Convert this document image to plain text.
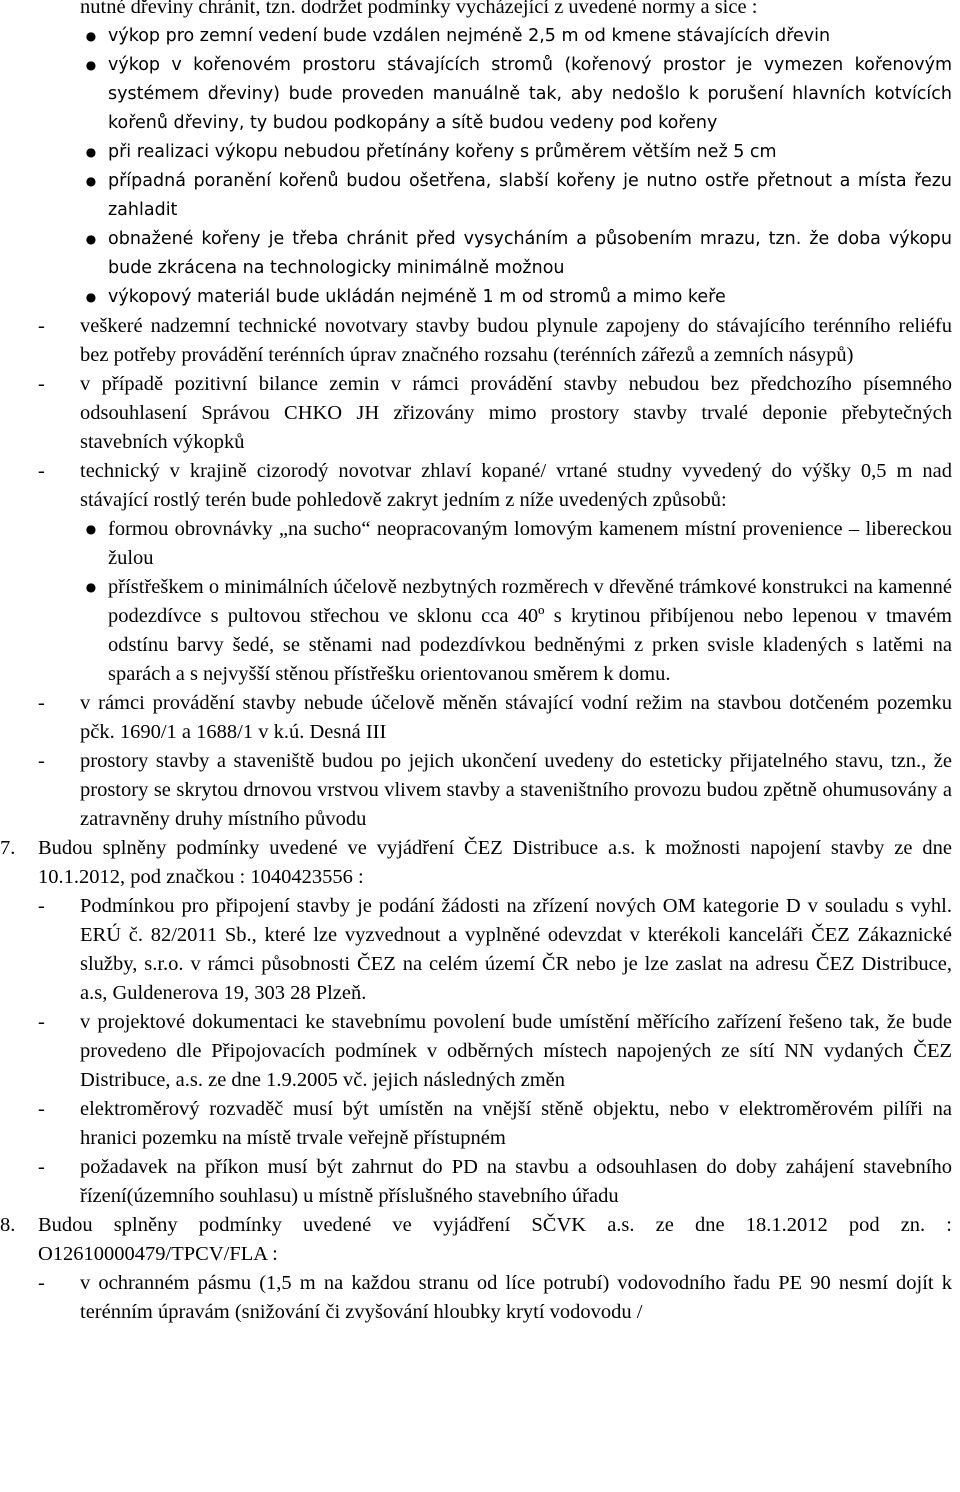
nutné dřeviny chránit, tzn. dodržet podmínky vycházející z uvedené normy a sice :

● výkop pro zemní vedení bude vzdálen nejméně 2,5 m od kmene stávajících dřevin
● výkop v kořenovém prostoru stávajících stromů (kořenový prostor je vymezen kořenovým systémem dřeviny) bude proveden manuálně tak, aby nedošlo k porušení hlavních kotvících kořenů dřeviny, ty budou podkopány a sítě budou vedeny pod kořeny
● při realizaci výkopu nebudou přetínány kořeny s průměrem větším než 5 cm
● případná poranění kořenů budou ošetřena, slabší kořeny je nutno ostře přetnout a místa řezu zahladit
● obnažené kořeny je třeba chránit před vysycháním a působením mrazu, tzn. že doba výkopu bude zkrácena na technologicky minimálně možnou
● výkopový materiál bude ukládán nejméně 1 m od stromů a mimo keře
- veškeré nadzemní technické novotvary stavby budou plynule zapojeny do stávajícího terénního reliéfu bez potřeby provádění terénních úprav značného rozsahu (terénních zářezů a zemních násypů)
- v případě pozitivní bilance zemin v rámci provádění stavby nebudou bez předchozího písemného odsouhlasení Správou CHKO JH zřizovány mimo prostory stavby trvalé deponie přebytečných stavebních výkopků
- technický v krajině cizorodý novotvar zhlaví kopané/ vrtané studny vyvedený do výšky 0,5 m nad stávající rostlý terén bude pohledově zakryt jedním z níže uvedených způsobů:
● formou obrovnávky „na sucho“ neopracovaným lomovým kamenem místní provenience – libereckou žulou
● přístřeškem o minimálních účelově nezbytných rozměrech v dřevěné trámkové konstrukci na kamenné podezdívce s pultovou střechou ve sklonu cca 40º s krytinou přibíjenou nebo lepenou v tmavém odstínu barvy šedé, se stěnami nad podezdívkou bedněnými z prken svisle kladených s latěmi na sparách a s nejvyšší stěnou přístřešku orientovanou směrem k domu.
- v rámci provádění stavby nebude účelově měněn stávající vodní režim na stavbou dotčeném pozemku pčk. 1690/1 a 1688/1 v k.ú. Desná III
- prostory stavby a staveniště budou po jejich ukončení uvedeny do esteticky přijatelného stavu, tzn., že prostory se skrytou drnovou vrstvou vlivem stavby a staveništního provozu budou zpětně ohumusovány a zatravněny druhy místního původu
7. Budou splněny podmínky uvedené ve vyjádření ČEZ Distribuce a.s. k možnosti napojení stavby ze dne 10.1.2012, pod značkou : 1040423556 :
- Podmínkou pro připojení stavby je podání žádosti na zřízení nových OM kategorie D v souladu s vyhl. ERÚ č. 82/2011 Sb., které lze vyzvednout a vyplněné odevzdat v kterékoli kanceláři ČEZ Zákaznické služby, s.r.o. v rámci působnosti ČEZ na celém území ČR nebo je lze zaslat na adresu ČEZ Distribuce, a.s, Guldenerova 19, 303 28 Plzeň.
- v projektové dokumentaci ke stavebnímu povolení bude umístění měřícího zařízení řešeno tak, že bude provedeno dle Připojovacích podmínek v odběrných místech napojených ze sítí NN vydaných ČEZ Distribuce, a.s. ze dne 1.9.2005 vč. jejich následných změn
- elektroměrový rozvaděč musí být umístěn na vnější stěně objektu, nebo v elektroměrovém pilíři na hranici pozemku na místě trvale veřejně přístupném
- požadavek na příkon musí být zahrnut do PD na stavbu a odsouhlasen do doby zahájení stavebního řízení(územního souhlasu) u místně příslušného stavebního úřadu
8. Budou splněny podmínky uvedené ve vyjádření SČVK a.s. ze dne 18.1.2012 pod zn. : O12610000479/TPCV/FLA :
- v ochranném pásmu (1,5 m na každou stranu od líce potrubí) vodovodního řadu PE 90 nesmí dojít k terénním úpravám (snižování či zvyšování hloubky krytí vodovodu /
